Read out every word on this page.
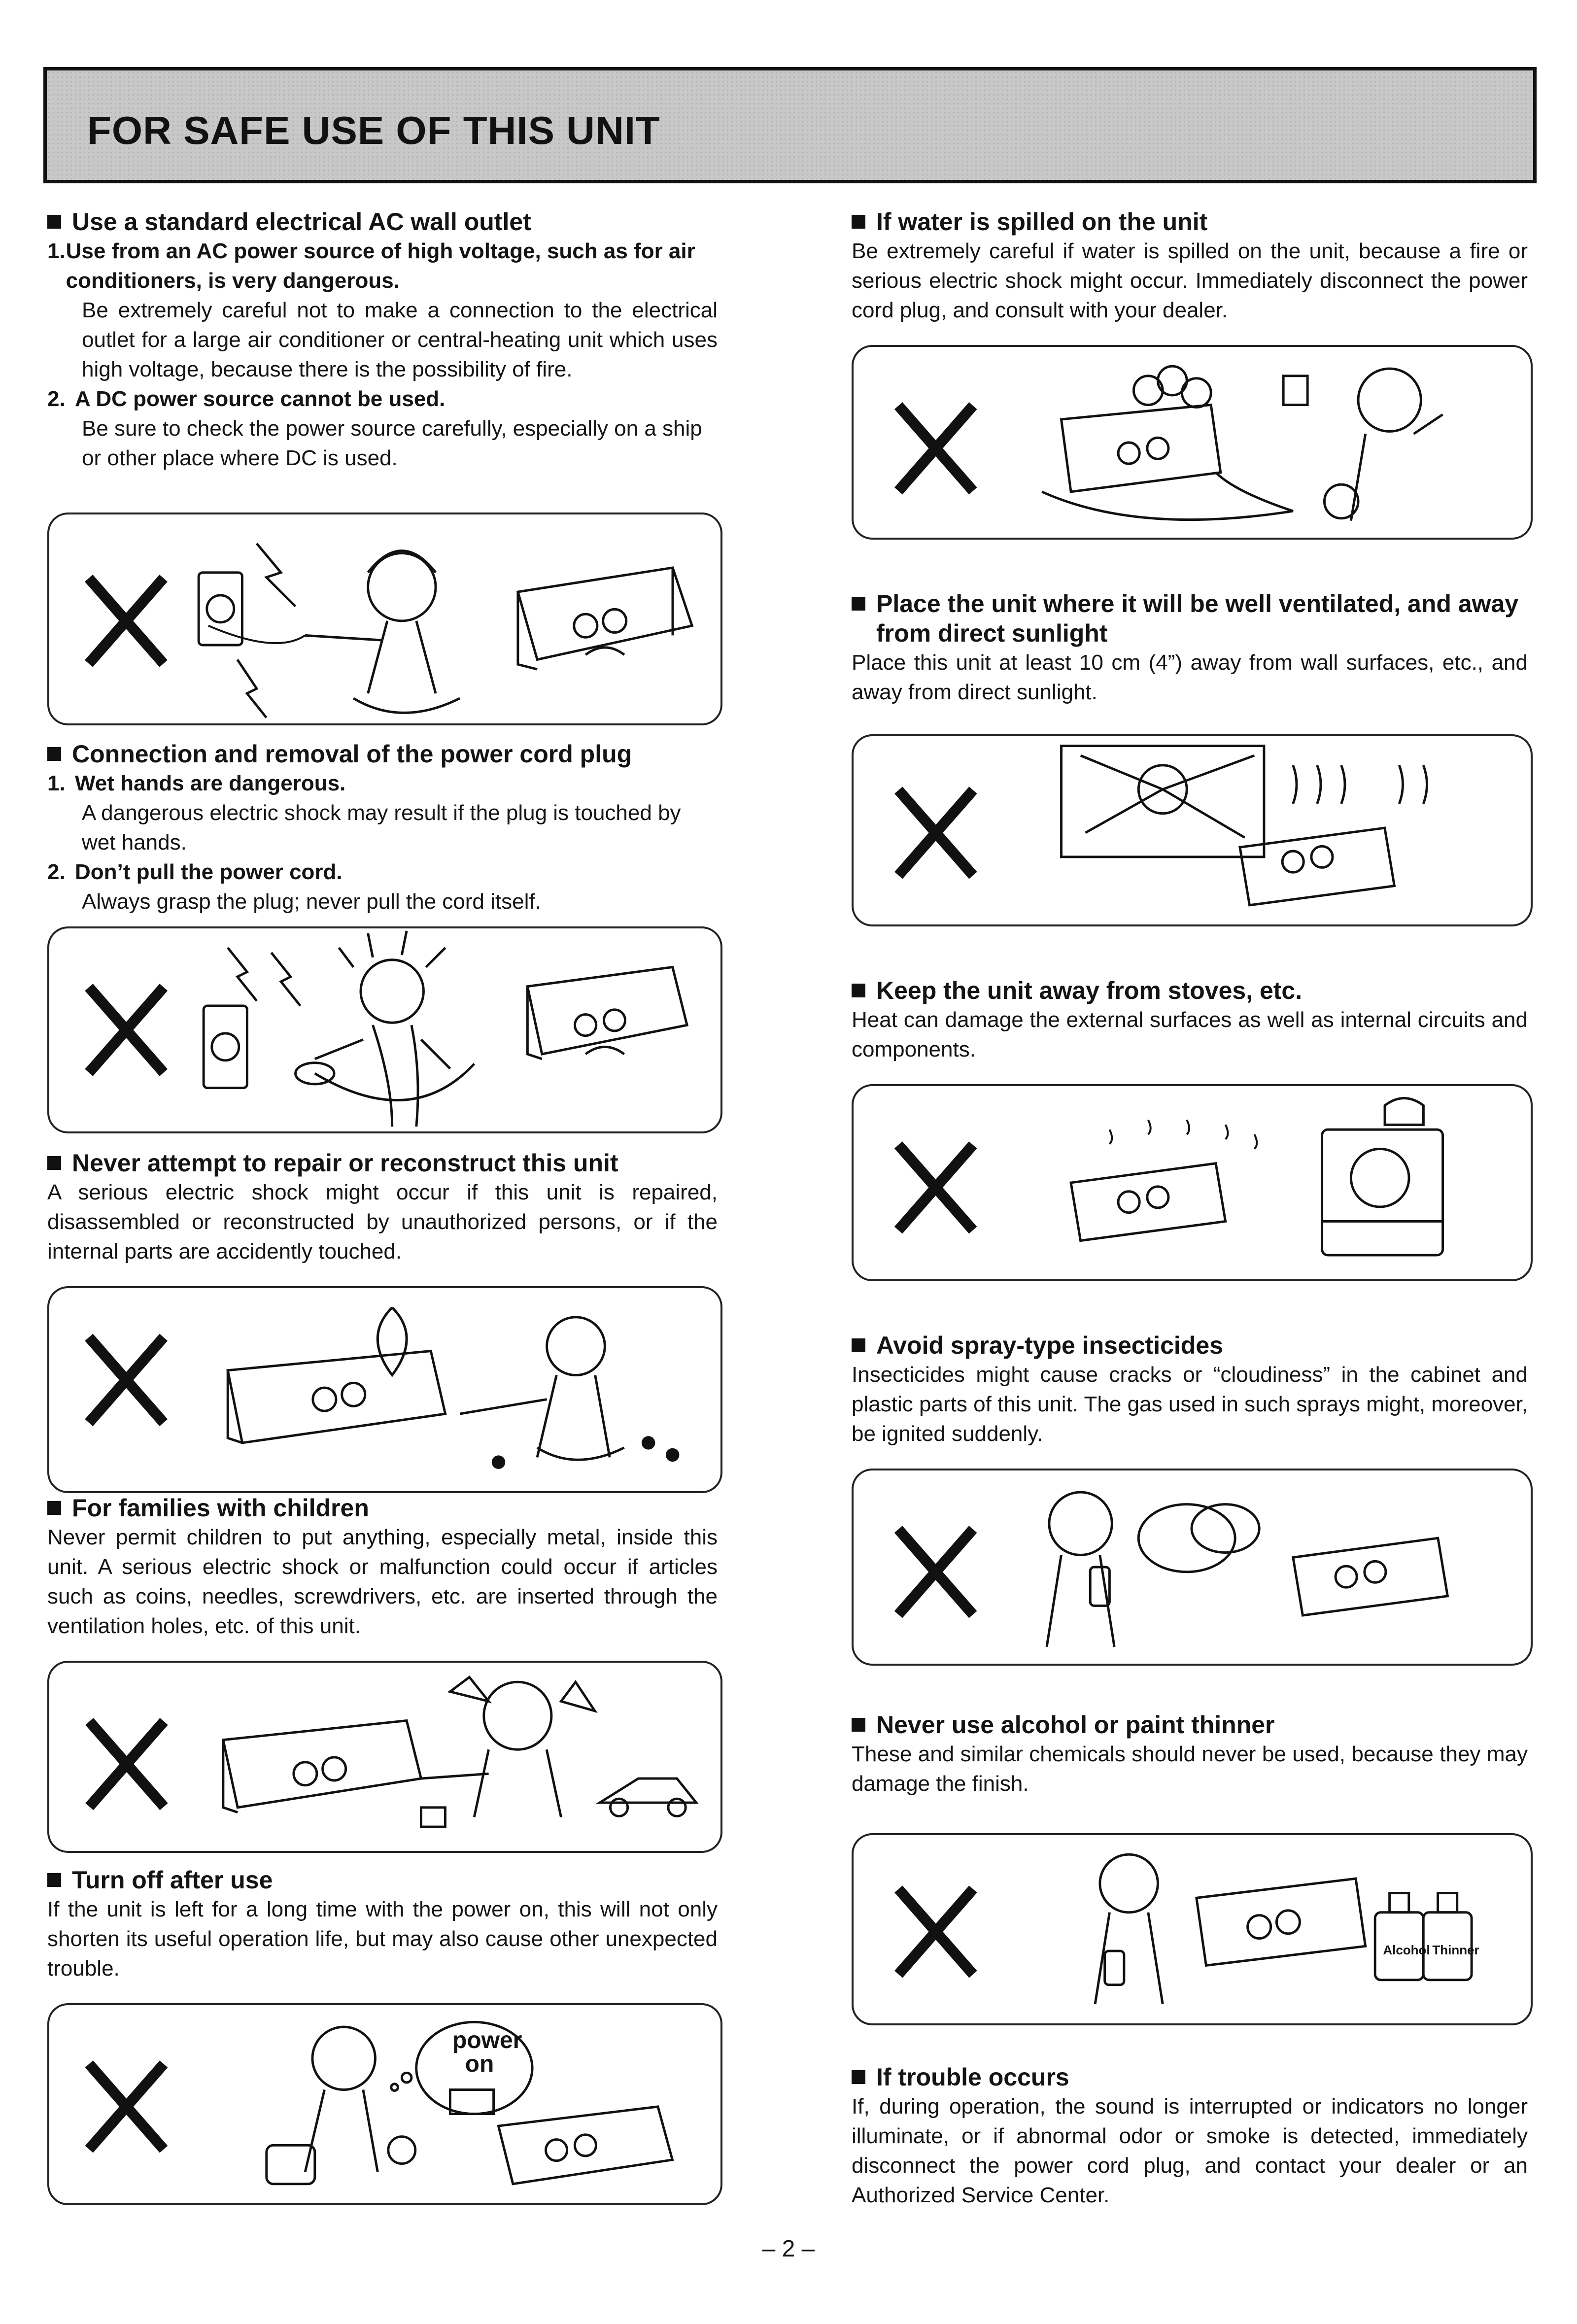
FOR SAFE USE OF THIS UNIT
Use a standard electrical AC wall outlet
1. Use from an AC power source of high voltage, such as for air conditioners, is very dangerous.
Be extremely careful not to make a connection to the electrical outlet for a large air conditioner or central-heating unit which uses high voltage, because there is the possibility of fire.
2. A DC power source cannot be used.
Be sure to check the power source carefully, especially on a ship or other place where DC is used.
Connection and removal of the power cord plug
1. Wet hands are dangerous.
A dangerous electric shock may result if the plug is touched by wet hands.
2. Don’t pull the power cord.
Always grasp the plug; never pull the cord itself.
Never attempt to repair or reconstruct this unit
A serious electric shock might occur if this unit is repaired, disassembled or reconstructed by unauthorized persons, or if the internal parts are accidently touched.
For families with children
Never permit children to put anything, especially metal, inside this unit. A serious electric shock or malfunction could occur if articles such as coins, needles, screwdrivers, etc. are inserted through the ventilation holes, etc. of this unit.
Turn off after use
If the unit is left for a long time with the power on, this will not only shorten its useful operation life, but may also cause other unexpected trouble.
power on
If water is spilled on the unit
Be extremely careful if water is spilled on the unit, because a fire or serious electric shock might occur. Immediately disconnect the power cord plug, and consult with your dealer.
Place the unit where it will be well ventilated, and away from direct sunlight
Place this unit at least 10 cm (4”) away from wall surfaces, etc., and away from direct sunlight.
Keep the unit away from stoves, etc.
Heat can damage the external surfaces as well as internal circuits and components.
Avoid spray-type insecticides
Insecticides might cause cracks or “cloudiness” in the cabinet and plastic parts of this unit. The gas used in such sprays might, moreover, be ignited suddenly.
Never use alcohol or paint thinner
These and similar chemicals should never be used, because they may damage the finish.
Alcohol Thinner
If trouble occurs
If, during operation, the sound is interrupted or indicators no longer illuminate, or if abnormal odor or smoke is detected, immediately disconnect the power cord plug, and contact your dealer or an Authorized Service Center.
– 2 –
